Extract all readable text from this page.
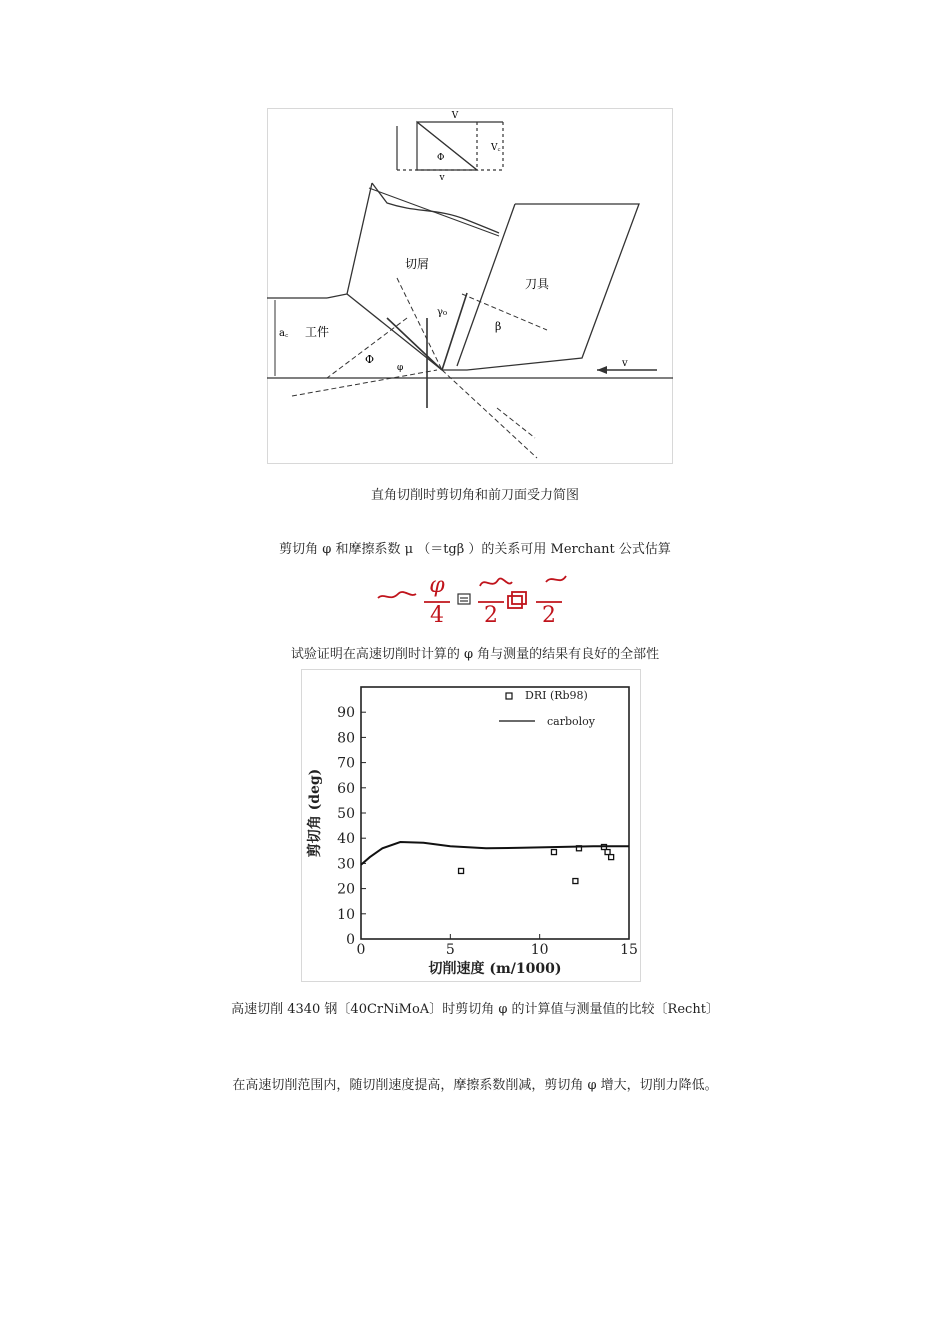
V
v
V꜀
Φ
切屑
刀具
工件
a꜀
Φ
γ₀
β
v
φ
直角切削时剪切角和前刀面受力简图
剪切角 φ 和摩擦系数 μ （＝tgβ ）的关系可用 Merchant 公式估算
φ
4 2 2
试验证明在高速切削时计算的 φ 角与测量的结果有良好的全部性
0
10
20
30
40
50
60
70
80
90
0	5	10	15
切削速度 (m/1000)
剪切角 (deg)
DRI (Rb98)
carboloy
高速切削 4340 钢〔40CrNiMoA〕时剪切角 φ 的计算值与测量值的比较〔Recht〕
在高速切削范围内，随切削速度提高，摩擦系数削减，剪切角 φ 增大，切削力降低。
